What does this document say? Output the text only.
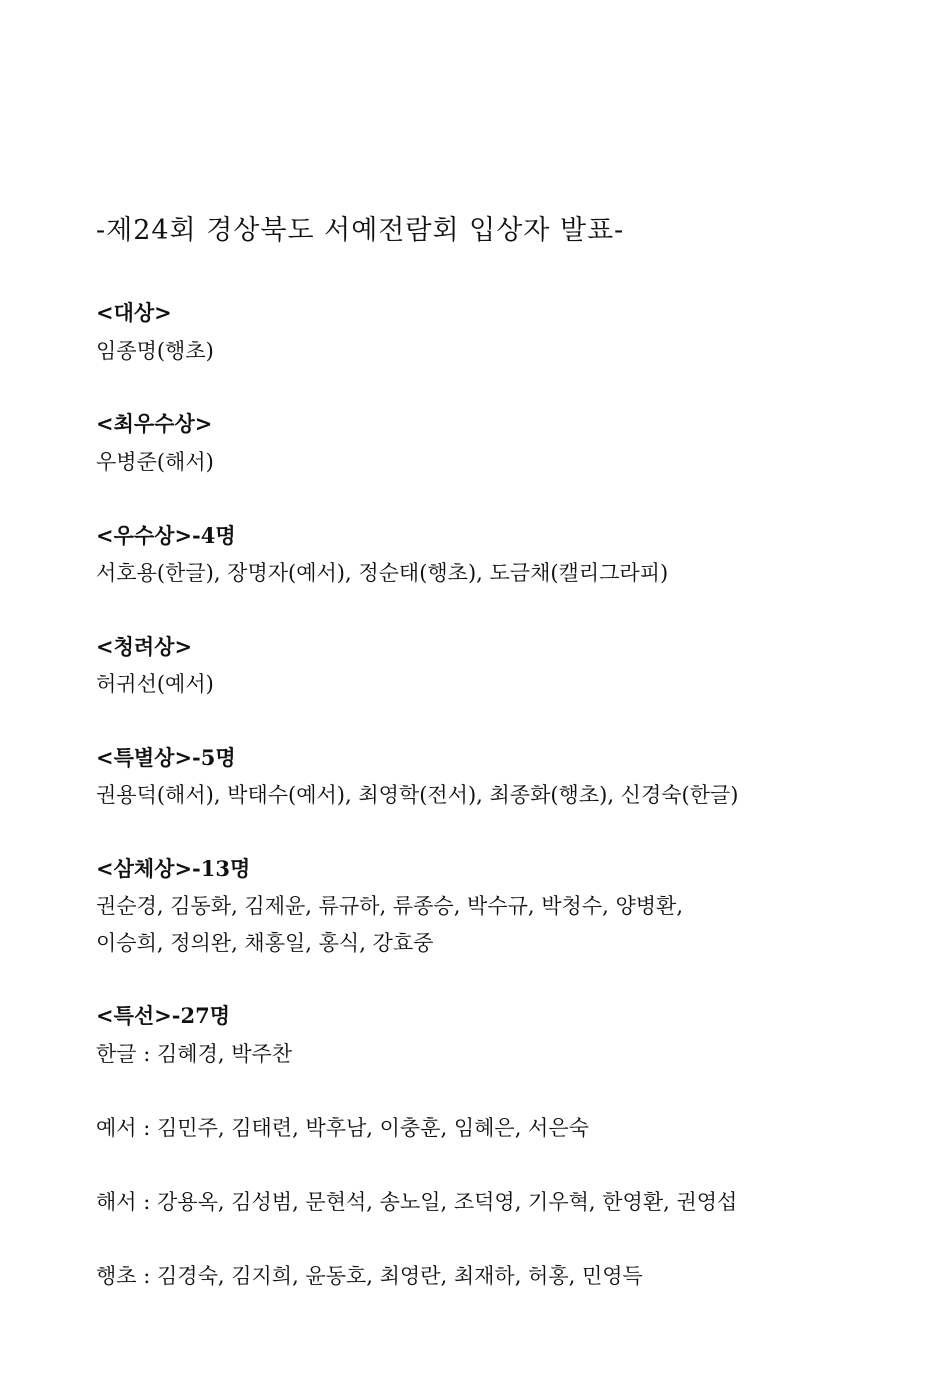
-제24회 경상북도 서예전람회 입상자 발표-
<대상>
임종명(행초)
<최우수상>
우병준(해서)
<우수상>-4명
서호용(한글), 장명자(예서), 정순태(행초), 도금채(캘리그라피)
<청려상>
허귀선(예서)
<특별상>-5명
권용덕(해서), 박태수(예서), 최영학(전서), 최종화(행초), 신경숙(한글)
<삼체상>-13명
권순경, 김동화, 김제윤, 류규하, 류종승, 박수규, 박청수, 양병환,
이승희, 정의완, 채홍일, 홍식, 강효중
<특선>-27명
한글 : 김혜경, 박주찬
예서 : 김민주, 김태련, 박후남, 이충훈, 임혜은, 서은숙
해서 : 강용옥, 김성범, 문현석, 송노일, 조덕영, 기우혁, 한영환, 권영섭
행초 : 김경숙, 김지희, 윤동호, 최영란, 최재하, 허홍, 민영득
